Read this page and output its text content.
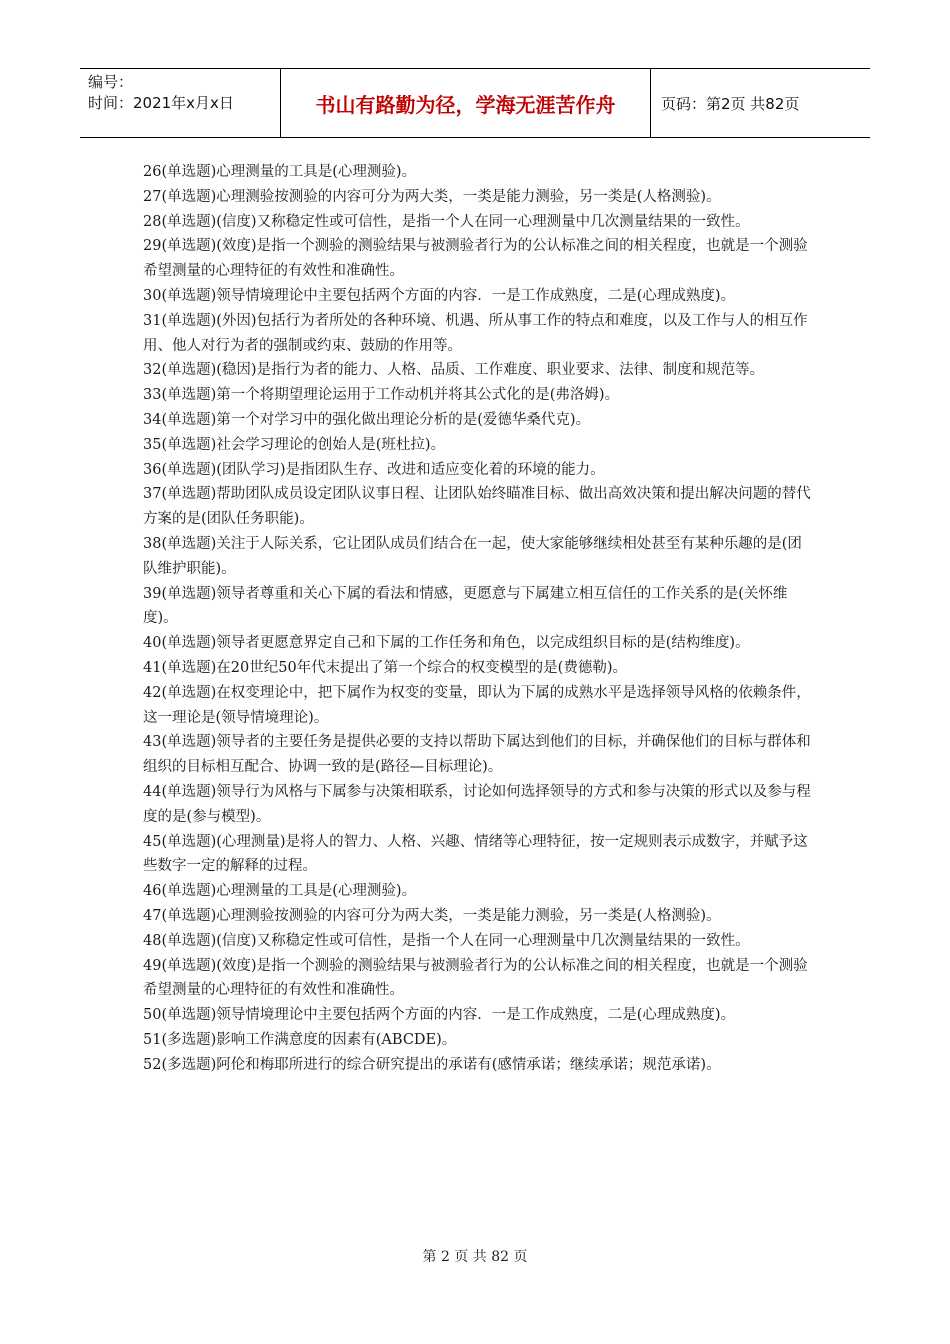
编号：
时间：2021年x月x日	书山有路勤为径，学海无涯苦作舟	页码：第2页 共82页
26(单选题)心理测量的工具是(心理测验)。
27(单选题)心理测验按测验的内容可分为两大类，一类是能力测验，另一类是(人格测验)。
28(单选题)(信度)又称稳定性或可信性，是指一个人在同一心理测量中几次测量结果的一致性。
29(单选题)(效度)是指一个测验的测验结果与被测验者行为的公认标准之间的相关程度，也就是一个测验希望测量的心理特征的有效性和准确性。
30(单选题)领导情境理论中主要包括两个方面的内容．一是工作成熟度，二是(心理成熟度)。
31(单选题)(外因)包括行为者所处的各种环境、机遇、所从事工作的特点和难度，以及工作与人的相互作用、他人对行为者的强制或约束、鼓励的作用等。
32(单选题)(稳因)是指行为者的能力、人格、品质、工作难度、职业要求、法律、制度和规范等。
33(单选题)第一个将期望理论运用于工作动机并将其公式化的是(弗洛姆)。
34(单选题)第一个对学习中的强化做出理论分析的是(爱德华桑代克)。
35(单选题)社会学习理论的创始人是(班杜拉)。
36(单选题)(团队学习)是指团队生存、改进和适应变化着的环境的能力。
37(单选题)帮助团队成员设定团队议事日程、让团队始终瞄准目标、做出高效决策和提出解决问题的替代方案的是(团队任务职能)。
38(单选题)关注于人际关系，它让团队成员们结合在一起，使大家能够继续相处甚至有某种乐趣的是(团队维护职能)。
39(单选题)领导者尊重和关心下属的看法和情感，更愿意与下属建立相互信任的工作关系的是(关怀维度)。
40(单选题)领导者更愿意界定自己和下属的工作任务和角色，以完成组织目标的是(结构维度)。
41(单选题)在20世纪50年代末提出了第一个综合的权变模型的是(费德勒)。
42(单选题)在权变理论中，把下属作为权变的变量，即认为下属的成熟水平是选择领导风格的依赖条件，这一理论是(领导情境理论)。
43(单选题)领导者的主要任务是提供必要的支持以帮助下属达到他们的目标，并确保他们的目标与群体和组织的目标相互配合、协调一致的是(路径—目标理论)。
44(单选题)领导行为风格与下属参与决策相联系，讨论如何选择领导的方式和参与决策的形式以及参与程度的是(参与模型)。
45(单选题)(心理测量)是将人的智力、人格、兴趣、情绪等心理特征，按一定规则表示成数字，并赋予这些数字一定的解释的过程。
46(单选题)心理测量的工具是(心理测验)。
47(单选题)心理测验按测验的内容可分为两大类，一类是能力测验，另一类是(人格测验)。
48(单选题)(信度)又称稳定性或可信性，是指一个人在同一心理测量中几次测量结果的一致性。
49(单选题)(效度)是指一个测验的测验结果与被测验者行为的公认标准之间的相关程度，也就是一个测验希望测量的心理特征的有效性和准确性。
50(单选题)领导情境理论中主要包括两个方面的内容．一是工作成熟度，二是(心理成熟度)。
51(多选题)影响工作满意度的因素有(ABCDE)。
52(多选题)阿伦和梅耶所进行的综合研究提出的承诺有(感情承诺；继续承诺；规范承诺)。
第 2 页 共 82 页
